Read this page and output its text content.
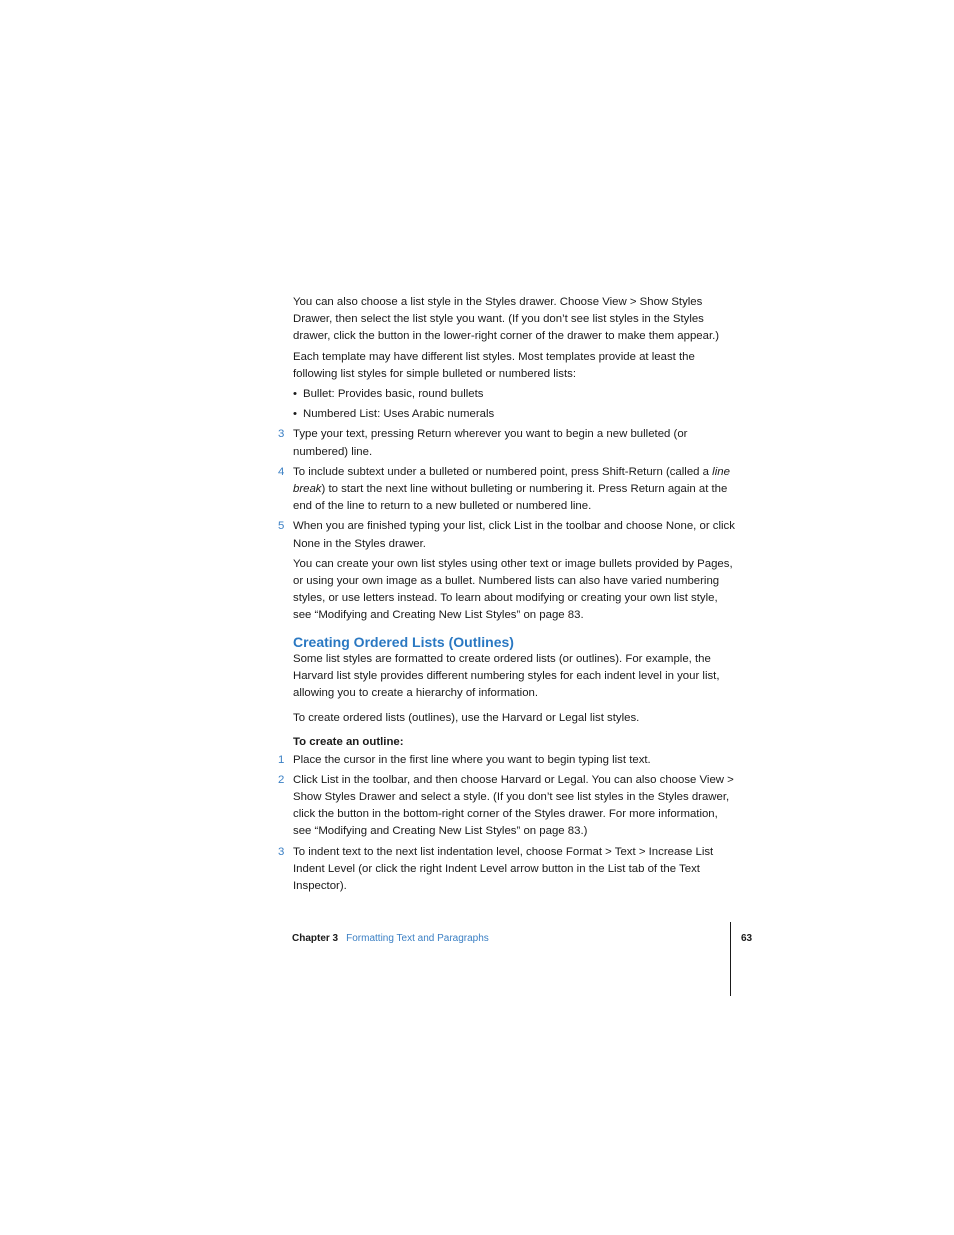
You can also choose a list style in the Styles drawer. Choose View > Show Styles Drawer, then select the list style you want. (If you don’t see list styles in the Styles drawer, click the button in the lower-right corner of the drawer to make them appear.)

Each template may have different list styles. Most templates provide at least the following list styles for simple bulleted or numbered lists:

• Bullet: Provides basic, round bullets
• Numbered List: Uses Arabic numerals
3 Type your text, pressing Return wherever you want to begin a new bulleted (or numbered) line.
4 To include subtext under a bulleted or numbered point, press Shift-Return (called a line break) to start the next line without bulleting or numbering it. Press Return again at the end of the line to return to a new bulleted or numbered line.
5 When you are finished typing your list, click List in the toolbar and choose None, or click None in the Styles drawer.

You can create your own list styles using other text or image bullets provided by Pages, or using your own image as a bullet. Numbered lists can also have varied numbering styles, or use letters instead. To learn about modifying or creating your own list style, see “Modifying and Creating New List Styles” on page 83.

Creating Ordered Lists (Outlines)

Some list styles are formatted to create ordered lists (or outlines). For example, the Harvard list style provides different numbering styles for each indent level in your list, allowing you to create a hierarchy of information.

To create ordered lists (outlines), use the Harvard or Legal list styles.

To create an outline:

1 Place the cursor in the first line where you want to begin typing list text.
2 Click List in the toolbar, and then choose Harvard or Legal. You can also choose View > Show Styles Drawer and select a style. (If you don’t see list styles in the Styles drawer, click the button in the bottom-right corner of the Styles drawer. For more information, see “Modifying and Creating New List Styles” on page 83.)
3 To indent text to the next list indentation level, choose Format > Text > Increase List Indent Level (or click the right Indent Level arrow button in the List tab of the Text Inspector).
Chapter 3 Formatting Text and Paragraphs	63
